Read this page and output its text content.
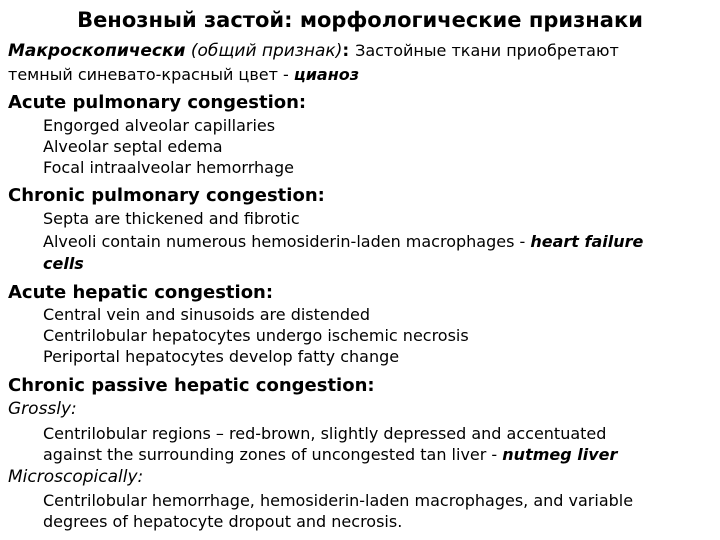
Венозный застой: морфологические признаки
Макроскопически (общий признак): Застойные ткани приобретают
темный синевато-красный цвет - цианоз
Acute pulmonary congestion:
Engorged alveolar capillaries
Alveolar septal edema
Focal intraalveolar hemorrhage
Chronic pulmonary congestion:
Septa are thickened and fibrotic
Alveoli contain numerous hemosiderin-laden macrophages - heart failure
cells
Acute hepatic congestion:
Central vein and sinusoids are distended
Centrilobular hepatocytes undergo ischemic necrosis
Periportal hepatocytes develop fatty change
Chronic passive hepatic congestion:
Grossly:
Centrilobular regions – red-brown, slightly depressed and accentuated
against the surrounding zones of uncongested tan liver - nutmeg liver
Microscopically:
Centrilobular hemorrhage, hemosiderin-laden macrophages, and variable
degrees of hepatocyte dropout and necrosis.
